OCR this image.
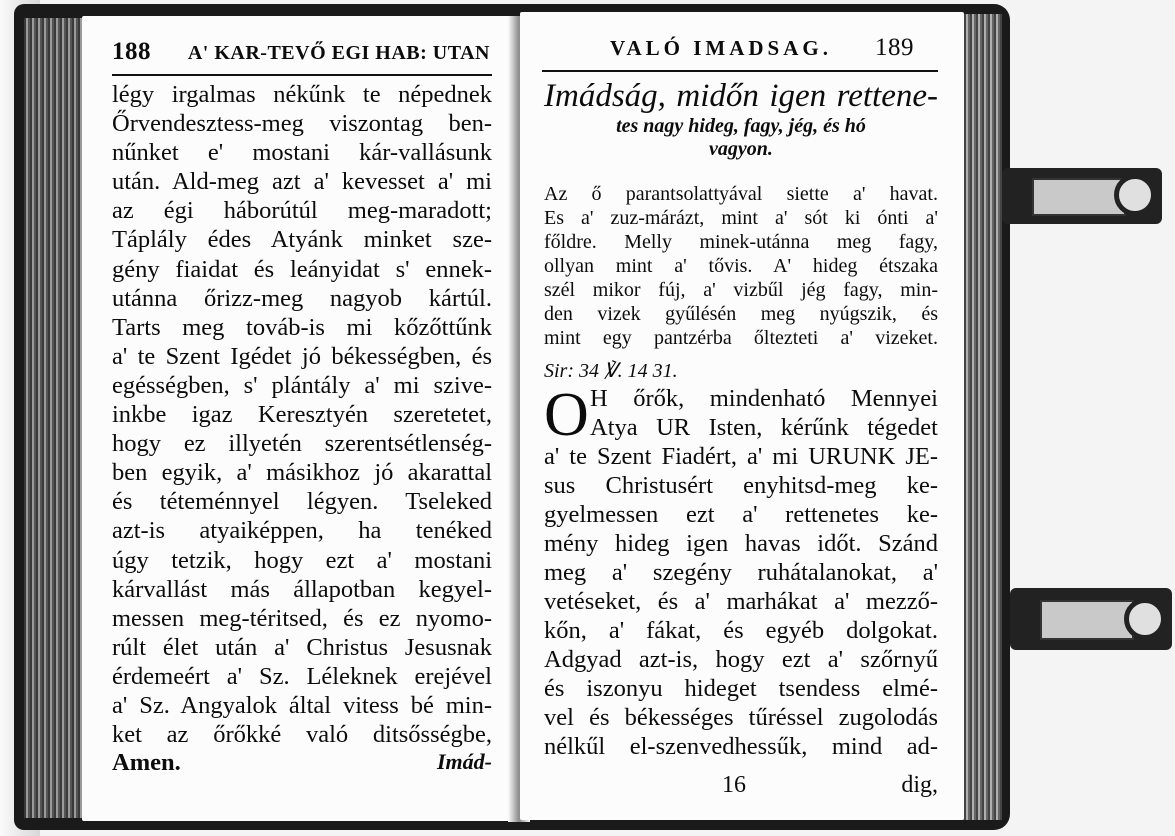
188 A' KAR-TEVŐ EGI HAB: UTAN
légy irgalmas nékűnk te népednek
Őrvendesztess-meg viszontag ben-
nűnket e' mostani kár-vallásunk
után. Ald-meg azt a' kevesset a' mi
az égi háborútúl meg-maradott;
Táplály édes Atyánk minket sze-
gény fiaidat és leányidat s' ennek-
utánna őrizz-meg nagyob kártúl.
Tarts meg továb-is mi kőzőttűnk
a' te Szent Igédet jó békességben, és
egésségben, s' plántály a' mi szive-
inkbe igaz Keresztyén szeretetet,
hogy ez illyetén szerentsétlenség-
ben egyik, a' másikhoz jó akarattal
és téteménnyel légyen. Tseleked
azt-is atyaiképpen, ha tenéked
úgy tetzik, hogy ezt a' mostani
kárvallást más állapotban kegyel-
messen meg-téritsed, és ez nyomo-
rúlt élet után a' Christus Jesusnak
érdemeért a' Sz. Léleknek erejével
a' Sz. Angyalok által vitess bé min-
ket az őrőkké való ditsősségbe,
Amen.	Imád-
VALÓ IMADSAG. 189
Imádság, midőn igen rettene-
tes nagy hideg, fagy, jég, és hó
vagyon.
Az ő parantsolattyával siette a' havat.
Es a' zuz-márázt, mint a' sót ki ónti a'
főldre. Melly minek-utánna meg fagy,
ollyan mint a' tővis. A' hideg étszaka
szél mikor fúj, a' vizbűl jég fagy, min-
den vizek gyűlésén meg nyúgszik, és
mint egy pantzérba őltezteti a' vizeket.
Sir: 34 ℣. 14 31.
O H őrők, mindenható Mennyei
Atya UR Isten, kérűnk tégedet
a' te Szent Fiadért, a' mi URUNK JE-
sus Christusért enyhitsd-meg ke-
gyelmessen ezt a' rettenetes ke-
mény hideg igen havas időt. Szánd
meg a' szegény ruhátalanokat, a'
vetéseket, és a' marhákat a' mezző-
kőn, a' fákat, és egyéb dolgokat.
Adgyad azt-is, hogy ezt a' szőrnyű
és iszonyu hideget tsendess elmé-
vel és békességes tűréssel zugolodás
nélkűl el-szenvedhessűk, mind ad-
16	dig,
